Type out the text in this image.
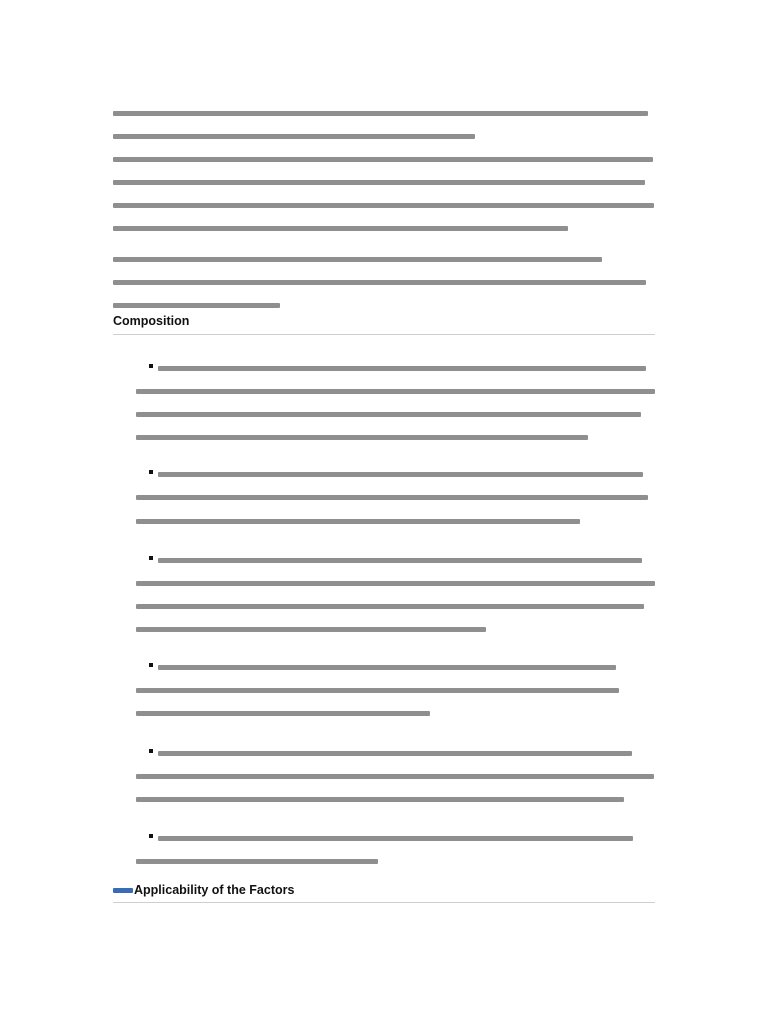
Composition
Applicability of the Factors
